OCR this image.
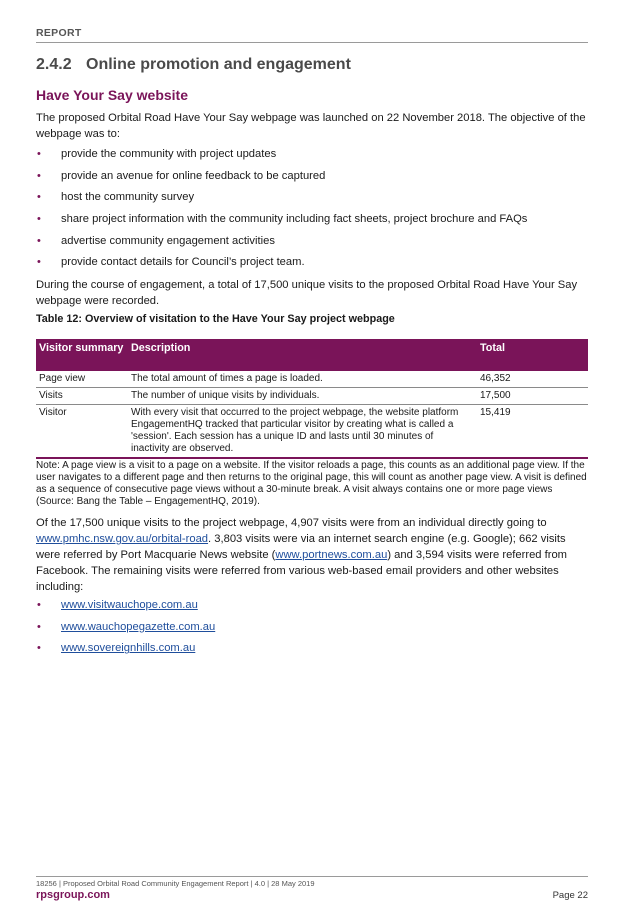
REPORT
2.4.2 Online promotion and engagement
Have Your Say website

The proposed Orbital Road Have Your Say webpage was launched on 22 November 2018. The objective of the webpage was to:

• provide the community with project updates
• provide an avenue for online feedback to be captured
• host the community survey
• share project information with the community including fact sheets, project brochure and FAQs
• advertise community engagement activities
• provide contact details for Council’s project team.

During the course of engagement, a total of 17,500 unique visits to the proposed Orbital Road Have Your Say webpage were recorded.

Table 12: Overview of visitation to the Have Your Say project webpage
Visitor summary	Description	Total
Page view	The total amount of times a page is loaded.	46,352
Visits	The number of unique visits by individuals.	17,500
Visitor	With every visit that occurred to the project webpage, the website platform EngagementHQ tracked that particular visitor by creating what is called a 'session'. Each session has a unique ID and lasts until 30 minutes of inactivity are observed.	15,419
Note: A page view is a visit to a page on a website. If the visitor reloads a page, this counts as an additional page view. If the user navigates to a different page and then returns to the original page, this will count as another page view. A visit is defined as a sequence of consecutive page views without a 30-minute break. A visit always contains one or more page views (Source: Bang the Table – EngagementHQ, 2019).

Of the 17,500 unique visits to the project webpage, 4,907 visits were from an individual directly going to www.pmhc.nsw.gov.au/orbital-road. 3,803 visits were via an internet search engine (e.g. Google); 662 visits were referred by Port Macquarie News website (www.portnews.com.au) and 3,594 visits were referred from Facebook. The remaining visits were referred from various web-based email providers and other websites including:

• www.visitwauchope.com.au
• www.wauchopegazette.com.au
• www.sovereignhills.com.au
18256 | Proposed Orbital Road Community Engagement Report | 4.0 | 28 May 2019
rpsgroup.com	Page 22
